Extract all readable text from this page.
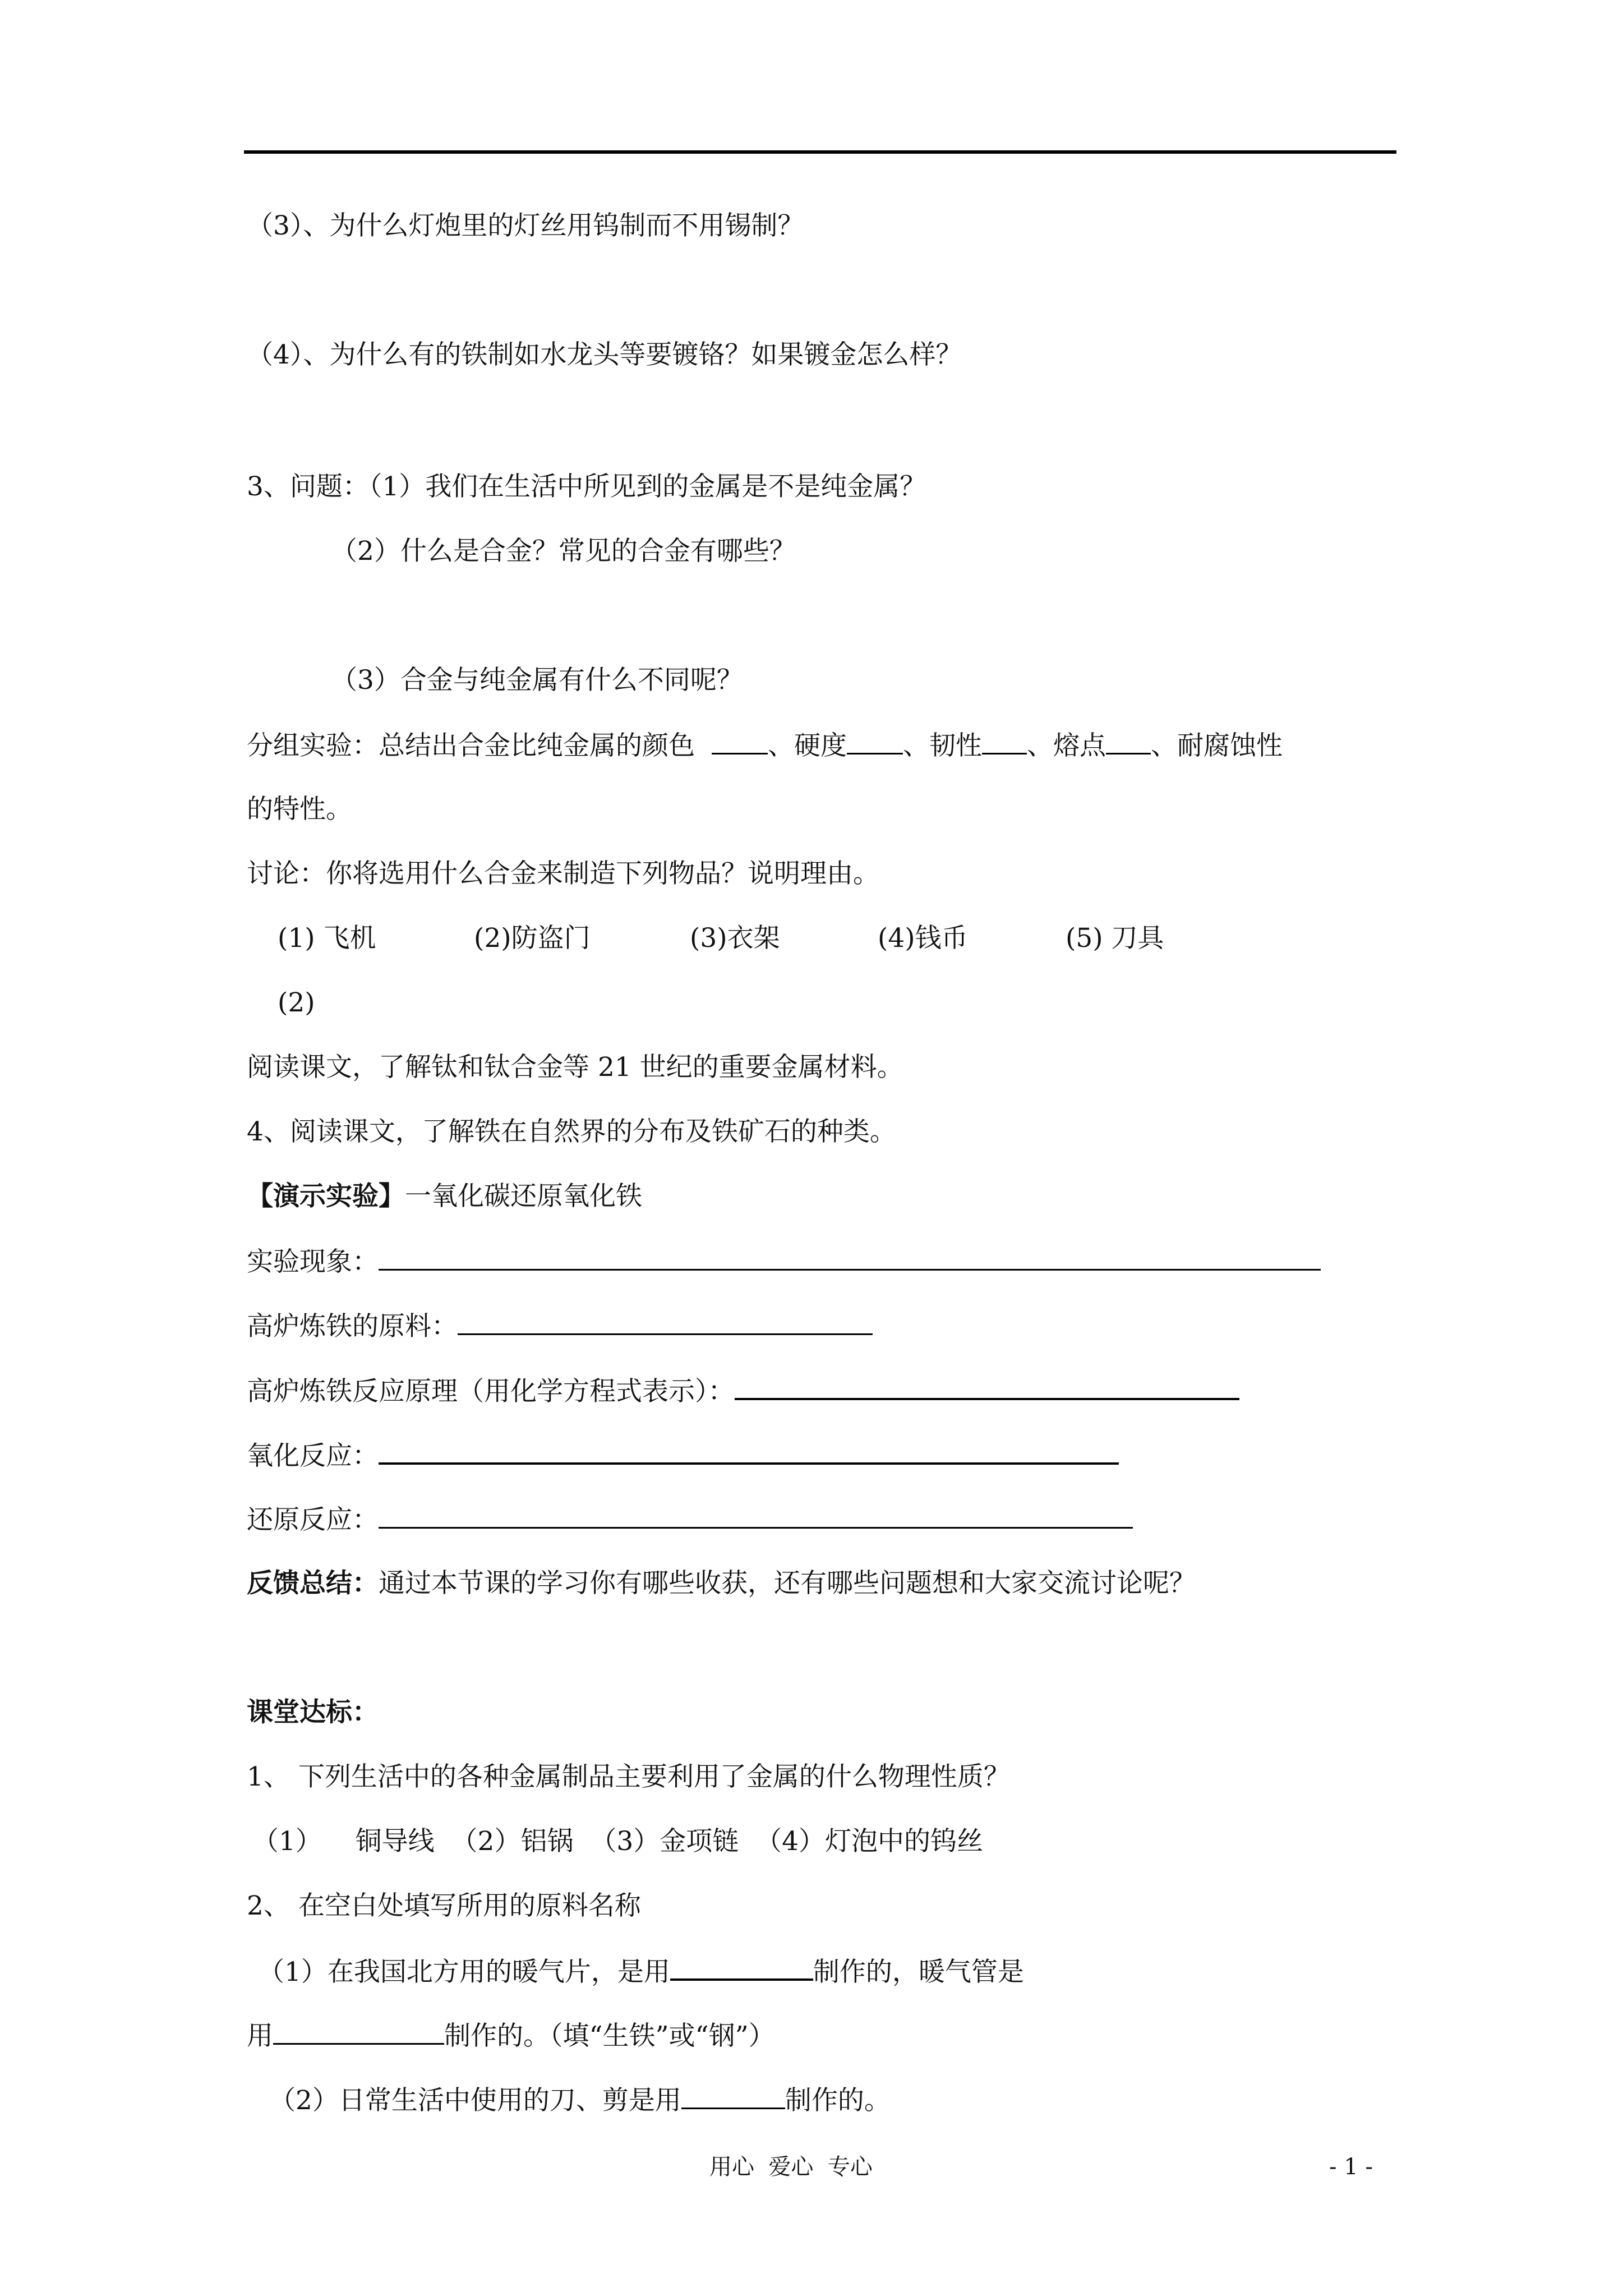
（3）、为什么灯炮里的灯丝用钨制而不用锡制？
（4）、为什么有的铁制如水龙头等要镀铬？如果镀金怎么样？
3、问题：（1）我们在生活中所见到的金属是不是纯金属？
（2）什么是合金？常见的合金有哪些？
（3）合金与纯金属有什么不同呢？
分组实验：总结出合金比纯金属的颜色	、硬度 、韧性 、熔点 、耐腐蚀性
的特性。
讨论：你将选用什么合金来制造下列物品？说明理由。
(1) 飞机	(2)防盗门	(3)衣架	(4)钱币	(5) 刀具
(2)
阅读课文，了解钛和钛合金等 21 世纪的重要金属材料。
4、阅读课文，了解铁在自然界的分布及铁矿石的种类。
【演示实验】一氧化碳还原氧化铁
实验现象：
高炉炼铁的原料：
高炉炼铁反应原理（用化学方程式表示）：
氧化反应：
还原反应：
反馈总结：通过本节课的学习你有哪些收获，还有哪些问题想和大家交流讨论呢？
课堂达标：
1、 下列生活中的各种金属制品主要利用了金属的什么物理性质？
（1）    铜导线  （2）铝锅  （3）金项链  （4）灯泡中的钨丝
2、 在空白处填写所用的原料名称
（1）在我国北方用的暖气片，是用	制作的，暖气管是
用	制作的。（填“生铁”或“钢”）
（2）日常生活中使用的刀、剪是用	制作的。
用心  爱心  专心	- 1 -
